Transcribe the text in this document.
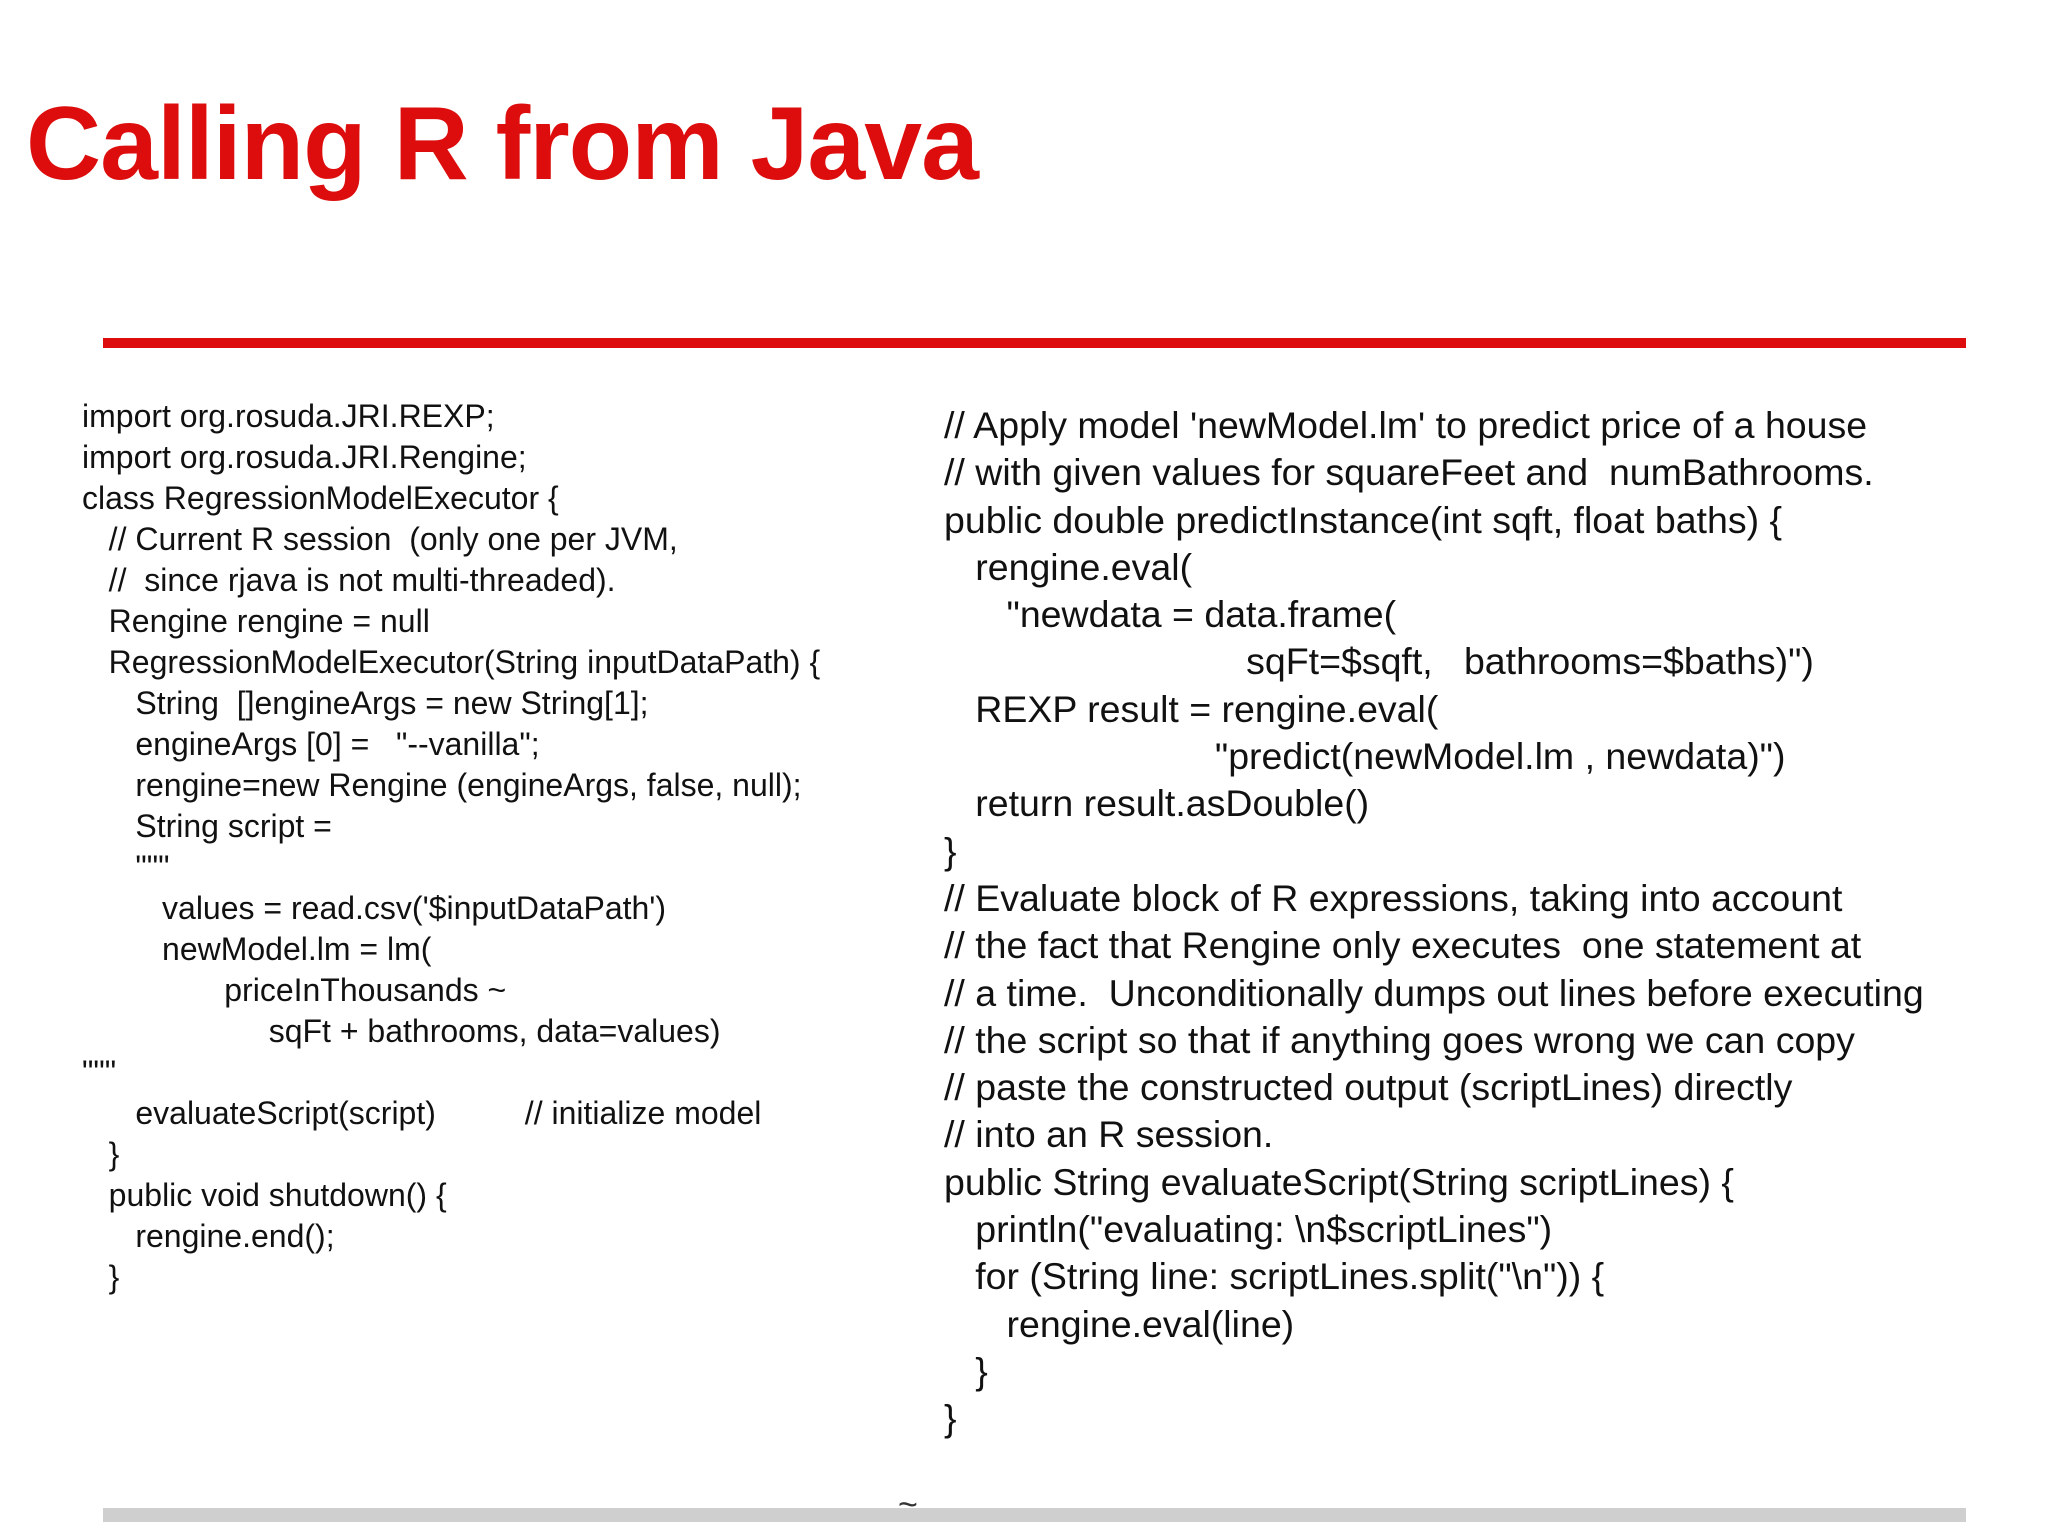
Calling R from Java
import org.rosuda.JRI.REXP;
import org.rosuda.JRI.Rengine;
class RegressionModelExecutor {
// Current R session  (only one per JVM,
//  since rjava is not multi-threaded).
Rengine rengine = null
RegressionModelExecutor(String inputDataPath) {
String  []engineArgs = new String[1];
engineArgs [0] =   "--vanilla";
rengine=new Rengine (engineArgs, false, null);
String script =
"""
values = read.csv('$inputDataPath')
newModel.lm = lm(
priceInThousands ~
sqFt + bathrooms, data=values)
"""
evaluateScript(script)          // initialize model
}
public void shutdown() {
rengine.end();
}
// Apply model 'newModel.lm' to predict price of a house
// with given values for squareFeet and  numBathrooms.
public double predictInstance(int sqft, float baths) {
rengine.eval(
"newdata = data.frame(
sqFt=$sqft,   bathrooms=$baths)")
REXP result = rengine.eval(
"predict(newModel.lm , newdata)")
return result.asDouble()
}
// Evaluate block of R expressions, taking into account
// the fact that Rengine only executes  one statement at
// a time.  Unconditionally dumps out lines before executing
// the script so that if anything goes wrong we can copy
// paste the constructed output (scriptLines) directly
// into an R session.
public String evaluateScript(String scriptLines) {
println("evaluating: \n$scriptLines")
for (String line: scriptLines.split("\n")) {
rengine.eval(line)
}
}
~
